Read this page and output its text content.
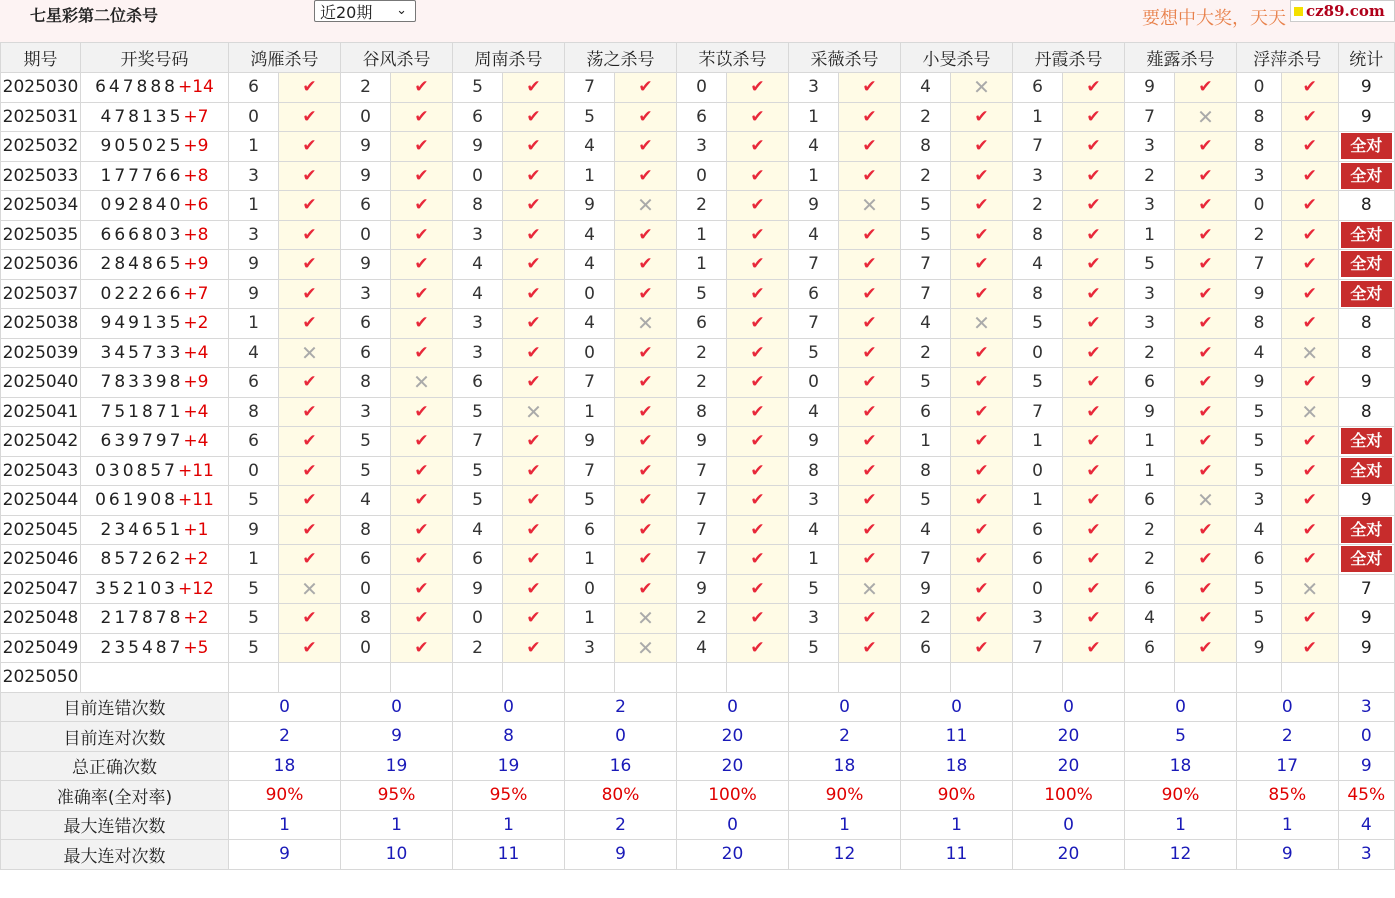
七星彩第二位杀号	近20期 ⌄	要想中大奖，天天 cz89.com
期号	开奖号码	鸿雁杀号		谷风杀号		周南杀号		荡之杀号		芣苡杀号		采薇杀号		小旻杀号		丹霞杀号		薤露杀号		浮萍杀号		统计
2025030	647888+14	6	✔	2	✔	5	✔	7	✔	0	✔	3	✔	4	✕	6	✔	9	✔	0	✔	9
2025031	478135+7	0	✔	0	✔	6	✔	5	✔	6	✔	1	✔	2	✔	1	✔	7	✕	8	✔	9
2025032	905025+9	1	✔	9	✔	9	✔	4	✔	3	✔	4	✔	8	✔	7	✔	3	✔	8	✔	全对

2025033	177766+8	3	✔	9	✔	0	✔	1	✔	0	✔	1	✔	2	✔	3	✔	2	✔	3	✔	全对

2025034	092840+6	1	✔	6	✔	8	✔	9	✕	2	✔	9	✕	5	✔	2	✔	3	✔	0	✔	8
2025035	666803+8	3	✔	0	✔	3	✔	4	✔	1	✔	4	✔	5	✔	8	✔	1	✔	2	✔	全对

2025036	284865+9	9	✔	9	✔	4	✔	4	✔	1	✔	7	✔	7	✔	4	✔	5	✔	7	✔	全对

2025037	022266+7	9	✔	3	✔	4	✔	0	✔	5	✔	6	✔	7	✔	8	✔	3	✔	9	✔	全对

2025038	949135+2	1	✔	6	✔	3	✔	4	✕	6	✔	7	✔	4	✕	5	✔	3	✔	8	✔	8
2025039	345733+4	4	✕	6	✔	3	✔	0	✔	2	✔	5	✔	2	✔	0	✔	2	✔	4	✕	8
2025040	783398+9	6	✔	8	✕	6	✔	7	✔	2	✔	0	✔	5	✔	5	✔	6	✔	9	✔	9
2025041	751871+4	8	✔	3	✔	5	✕	1	✔	8	✔	4	✔	6	✔	7	✔	9	✔	5	✕	8
2025042	639797+4	6	✔	5	✔	7	✔	9	✔	9	✔	9	✔	1	✔	1	✔	1	✔	5	✔	全对

2025043	030857+11	0	✔	5	✔	5	✔	7	✔	7	✔	8	✔	8	✔	0	✔	1	✔	5	✔	全对

2025044	061908+11	5	✔	4	✔	5	✔	5	✔	7	✔	3	✔	5	✔	1	✔	6	✕	3	✔	9
2025045	234651+1	9	✔	8	✔	4	✔	6	✔	7	✔	4	✔	4	✔	6	✔	2	✔	4	✔	全对

2025046	857262+2	1	✔	6	✔	6	✔	1	✔	7	✔	1	✔	7	✔	6	✔	2	✔	6	✔	全对

2025047	352103+12	5	✕	0	✔	9	✔	0	✔	9	✔	5	✕	9	✔	0	✔	6	✔	5	✕	7
2025048	217878+2	5	✔	8	✔	0	✔	1	✕	2	✔	3	✔	2	✔	3	✔	4	✔	5	✔	9
2025049	235487+5	5	✔	0	✔	2	✔	3	✕	4	✔	5	✔	6	✔	7	✔	6	✔	9	✔	9
2025050	当前期杀号	3		9		0		1		2		3		4		5		6		0		
目前连错次数		0		0		0		2		0		0		0		0		0		0		3
目前连对次数		2		9		8		0		20		2		11		20		5		2		0
总正确次数		18		19		19		16		20		18		18		20		18		17		9
准确率(全对率)		90%		95%		95%		80%		100%		90%		90%		100%		90%		85%		45%
最大连错次数		1		1		1		2		0		1		1		0		1		1		4
最大连对次数		9		10		11		9		20		12		11		20		12		9		3
